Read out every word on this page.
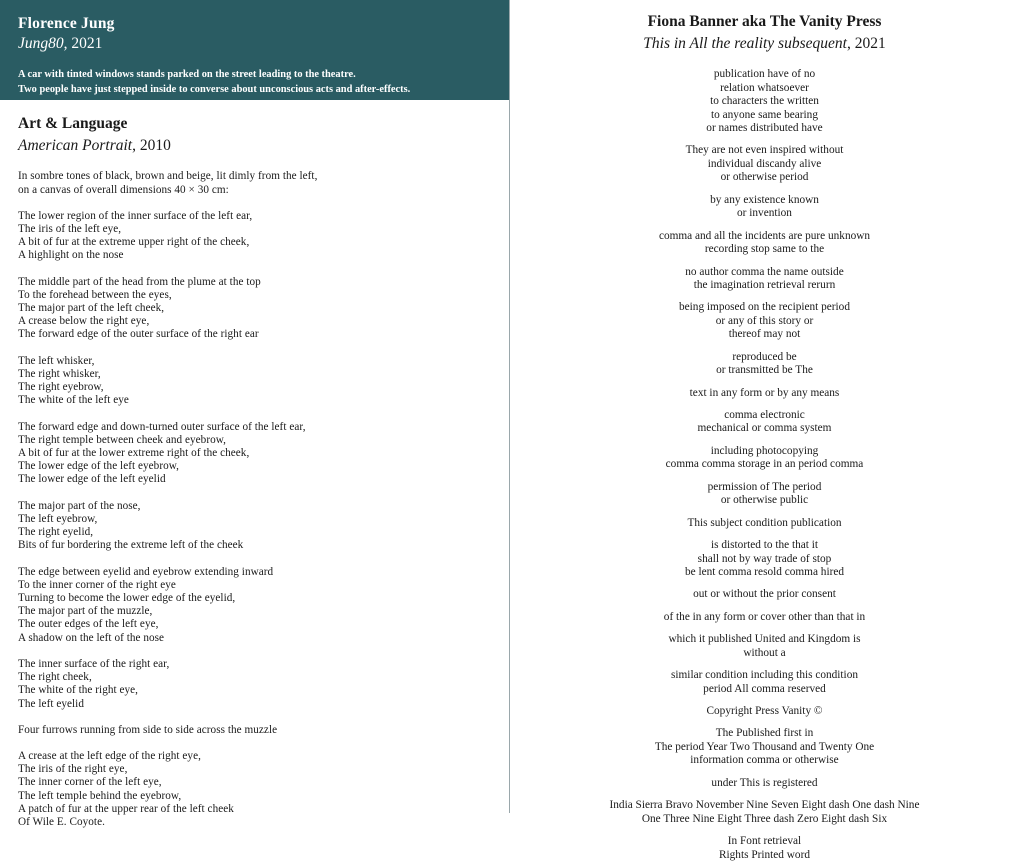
Florence Jung

Jung80, 2021

A car with tinted windows stands parked on the street leading to the theatre.

Two people have just stepped inside to converse about unconscious acts and after-effects.

Art & Language

American Portrait, 2010

In sombre tones of black, brown and beige, lit dimly from the left,

on a canvas of overall dimensions 40 × 30 cm:

The lower region of the inner surface of the left ear,

The iris of the left eye,

A bit of fur at the extreme upper right of the cheek,

A highlight on the nose

The middle part of the head from the plume at the top

To the forehead between the eyes,

The major part of the left cheek,

A crease below the right eye,

The forward edge of the outer surface of the right ear

The left whisker,

The right whisker,

The right eyebrow,

The white of the left eye

The forward edge and down-turned outer surface of the left ear,

The right temple between cheek and eyebrow,

A bit of fur at the lower extreme right of the cheek,

The lower edge of the left eyebrow,

The lower edge of the left eyelid

The major part of the nose,

The left eyebrow,

The right eyelid,

Bits of fur bordering the extreme left of the cheek

The edge between eyelid and eyebrow extending inward

To the inner corner of the right eye

Turning to become the lower edge of the eyelid,

The major part of the muzzle,

The outer edges of the left eye,

A shadow on the left of the nose

The inner surface of the right ear,

The right cheek,

The white of the right eye,

The left eyelid

Four furrows running from side to side across the muzzle

A crease at the left edge of the right eye,

The iris of the right eye,

The inner corner of the left eye,

The left temple behind the eyebrow,

A patch of fur at the upper rear of the left cheek

Of Wile E. Coyote.

Fiona Banner aka The Vanity Press

This in All the reality subsequent, 2021

publication have of no

relation whatsoever

to characters the written

to anyone same bearing

or names distributed have

They are not even inspired without

individual discandy alive

or otherwise period

by any existence known

or invention

comma and all the incidents are pure unknown

recording stop same to the

no author comma the name outside

the imagination retrieval rerurn

being imposed on the recipient period

or any of this story or

thereof may not

reproduced be

or transmitted be The

text in any form or by any means

comma electronic

mechanical or comma system

including photocopying

comma comma storage in an period comma

permission of The period

or otherwise public

This subject condition publication

is distorted to the that it

shall not by way trade of stop

be lent comma resold comma hired

out or without the prior consent

of the in any form or cover other than that in

which it published United and Kingdom is

without a

similar condition including this condition

period All comma reserved

Copyright Press Vanity ©

The Published first in

The period Year Two Thousand and Twenty One

information comma or otherwise

under This is registered

India Sierra Bravo November Nine Seven Eight dash One dash Nine

One Three Nine Eight Three dash Zero Eight dash Six

In Font retrieval

Rights Printed word
